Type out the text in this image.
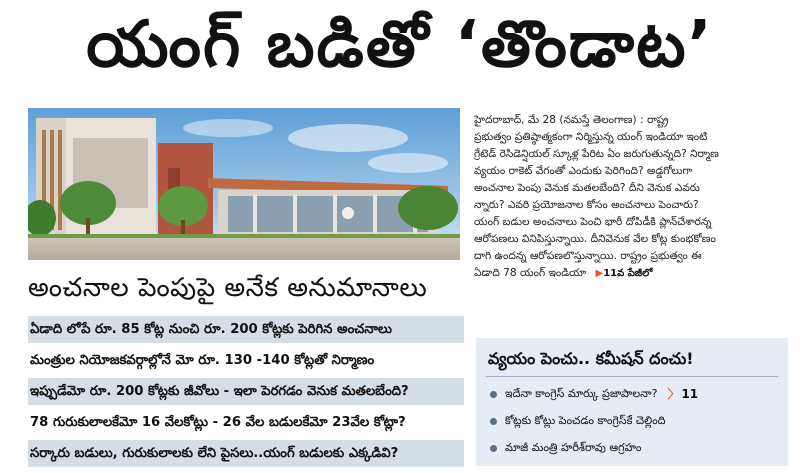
యంగ్ బడితో ‘తొండాట’
అంచనాల పెంపుపై అనేక అనుమానాలు
ఏడాది లోపే రూ. 85 కోట్ల నుంచి రూ. 200 కోట్లకు పెరిగిన అంచనాలు
మంత్రుల నియోజకవర్గాల్లోనే మో రూ. 130 -140 కోట్లతో నిర్మాణం
ఇప్పుడేమో రూ. 200 కోట్లకు జీవోలు - ఇలా పెరగడం వెనుక మతలబేంది?
78 గురుకులాలకేమో 16 వేలకోట్లు - 26 వేల బడులకేమో 23వేల కోట్లా?
సర్కారు బడులు, గురుకులాలకు లేని పైసలు..యంగ్ బడులకు ఎక్కడివి?
హైదరాబాద్, మే 28 (నమస్తే తెలంగాణ) : రాష్ట్ర
ప్రభుత్వం ప్రతిష్ఠాత్మకంగా నిర్మిస్తున్న యంగ్ ఇండియా ఇంటి
గ్రేటెడ్ రెసిడెన్షియల్ స్కూళ్ల పేరిట ఏం జరుగుతున్నది? నిర్మాణ
వ్యయం రాకెట్ వేగంతో ఎందుకు పెరిగింది? అడ్డగోలుగా
అంచనాల పెంపు వెనుక మతలబేంది? దీని వెనుక ఎవరు
న్నారు? ఎవరి ప్రయోజనాల కోసం అంచనాలు పెంచారు?
యంగ్ బడుల అంచనాలు పెంచి భారీ దోపిడీకి ప్లాన్‌చేశారన్న
ఆరోపణలు వినిపిస్తున్నాయి. దీనివెనుక వేల కోట్ల కుంభకోణం
దాగి ఉందన్న ఆరోపణలొస్తున్నాయి. రాష్ట్రం ప్రభుత్వం ఈ
ఏడాది 78 యంగ్ ఇండియా ▶11వ పేజీలో
వ్యయం పెంచు.. కమీషన్ దంచు!
ఇదేనా కాంగ్రెస్ మార్కు ప్రజాపాలనా? 〉 11
కోట్లకు కోట్లు పెంచడం కాంగ్రెస్‌కే చెల్లింది
మాజీ మంత్రి హరీశ్‌రావు ఆగ్రహం
